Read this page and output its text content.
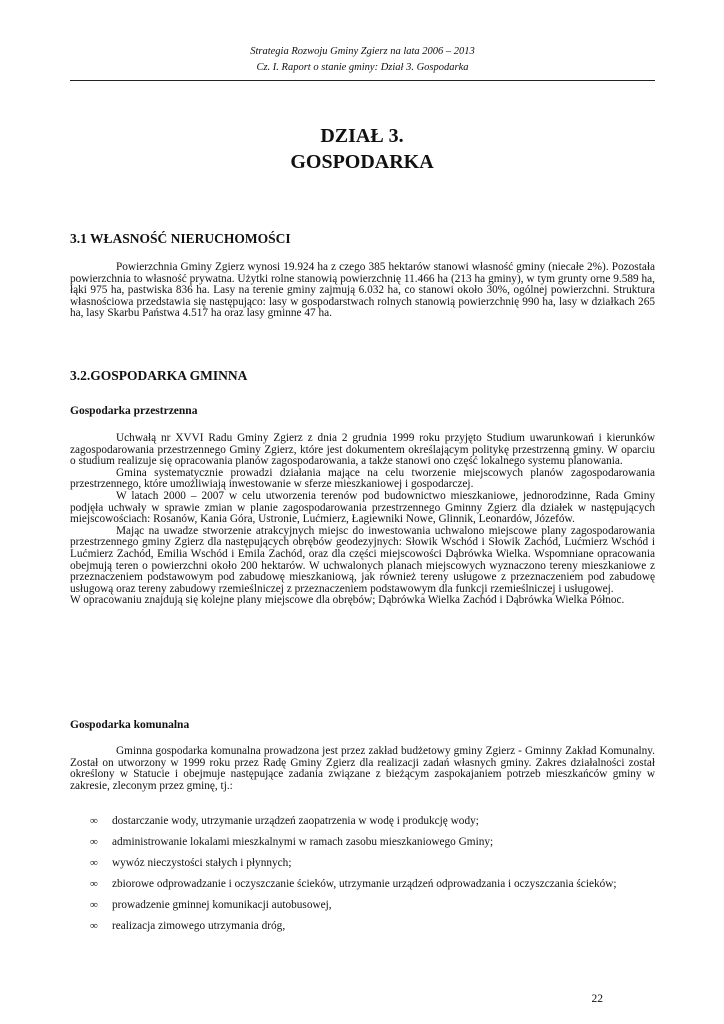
Strategia Rozwoju Gminy Zgierz na lata 2006 – 2013
Cz. I. Raport o stanie gminy: Dział 3. Gospodarka
DZIAŁ 3.
GOSPODARKA
3.1 WŁASNOŚĆ NIERUCHOMOŚCI

Powierzchnia Gminy Zgierz wynosi 19.924 ha z czego 385 hektarów stanowi własność gminy (niecałe 2%). Pozostała powierzchnia to własność prywatna. Użytki rolne stanowią powierzchnię 11.466 ha (213 ha gminy), w tym grunty orne 9.589 ha, łąki 975 ha, pastwiska 836 ha. Lasy na terenie gminy zajmują 6.032 ha, co stanowi około 30%, ogólnej powierzchni. Struktura własnościowa przedstawia się następująco: lasy w gospodarstwach rolnych stanowią powierzchnię 990 ha, lasy w działkach 265 ha, lasy Skarbu Państwa 4.517 ha oraz lasy gminne 47 ha.

3.2.GOSPODARKA GMINNA
Gospodarka przestrzenna

Uchwałą nr XVVI Radu Gminy Zgierz z dnia 2 grudnia 1999 roku przyjęto Studium uwarunkowań i kierunków zagospodarowania przestrzennego Gminy Zgierz, które jest dokumentem określającym politykę przestrzenną gminy. W oparciu o studium realizuje się opracowania planów zagospodarowania, a także stanowi ono część lokalnego systemu planowania.

Gmina systematycznie prowadzi działania mające na celu tworzenie miejscowych planów zagospodarowania przestrzennego, które umożliwiają inwestowanie w sferze mieszkaniowej i gospodarczej.

W latach 2000 – 2007 w celu utworzenia terenów pod budownictwo mieszkaniowe, jednorodzinne, Rada Gminy podjęła uchwały w sprawie zmian w planie zagospodarowania przestrzennego Gminny Zgierz dla działek w następujących miejscowościach: Rosanów, Kania Góra, Ustronie, Lućmierz, Łagiewniki Nowe, Glinnik, Leonardów, Józefów.

Mając na uwadze stworzenie atrakcyjnych miejsc do inwestowania uchwalono miejscowe plany zagospodarowania przestrzennego gminy Zgierz dla następujących obrębów geodezyjnych: Słowik Wschód i Słowik Zachód, Lućmierz Wschód i Lućmierz Zachód, Emilia Wschód i Emila Zachód, oraz dla części miejscowości Dąbrówka Wielka. Wspomniane opracowania obejmują teren o powierzchni około 200 hektarów. W uchwalonych planach miejscowych wyznaczono tereny mieszkaniowe z przeznaczeniem podstawowym pod zabudowę mieszkaniową, jak również tereny usługowe z przeznaczeniem pod zabudowę usługową oraz tereny zabudowy rzemieślniczej z przeznaczeniem podstawowym dla funkcji rzemieślniczej i usługowej.

W opracowaniu znajdują się kolejne plany miejscowe dla obrębów; Dąbrówka Wielka Zachód i Dąbrówka Wielka Północ.

Gospodarka komunalna

Gminna gospodarka komunalna prowadzona jest przez zakład budżetowy gminy Zgierz - Gminny Zakład Komunalny. Został on utworzony w 1999 roku przez Radę Gminy Zgierz dla realizacji zadań własnych gminy. Zakres działalności został określony w Statucie i obejmuje następujące zadania związane z bieżącym zaspokajaniem potrzeb mieszkańców gminy w zakresie, zleconym przez gminę, tj.:

∞ dostarczanie wody, utrzymanie urządzeń zaopatrzenia w wodę i produkcję wody;
∞ administrowanie lokalami mieszkalnymi w ramach zasobu mieszkaniowego Gminy;
∞ wywóz nieczystości stałych i płynnych;
∞ zbiorowe odprowadzanie i oczyszczanie ścieków, utrzymanie urządzeń odprowadzania i oczyszczania ścieków;
∞ prowadzenie gminnej komunikacji autobusowej,
∞ realizacja zimowego utrzymania dróg,
22
